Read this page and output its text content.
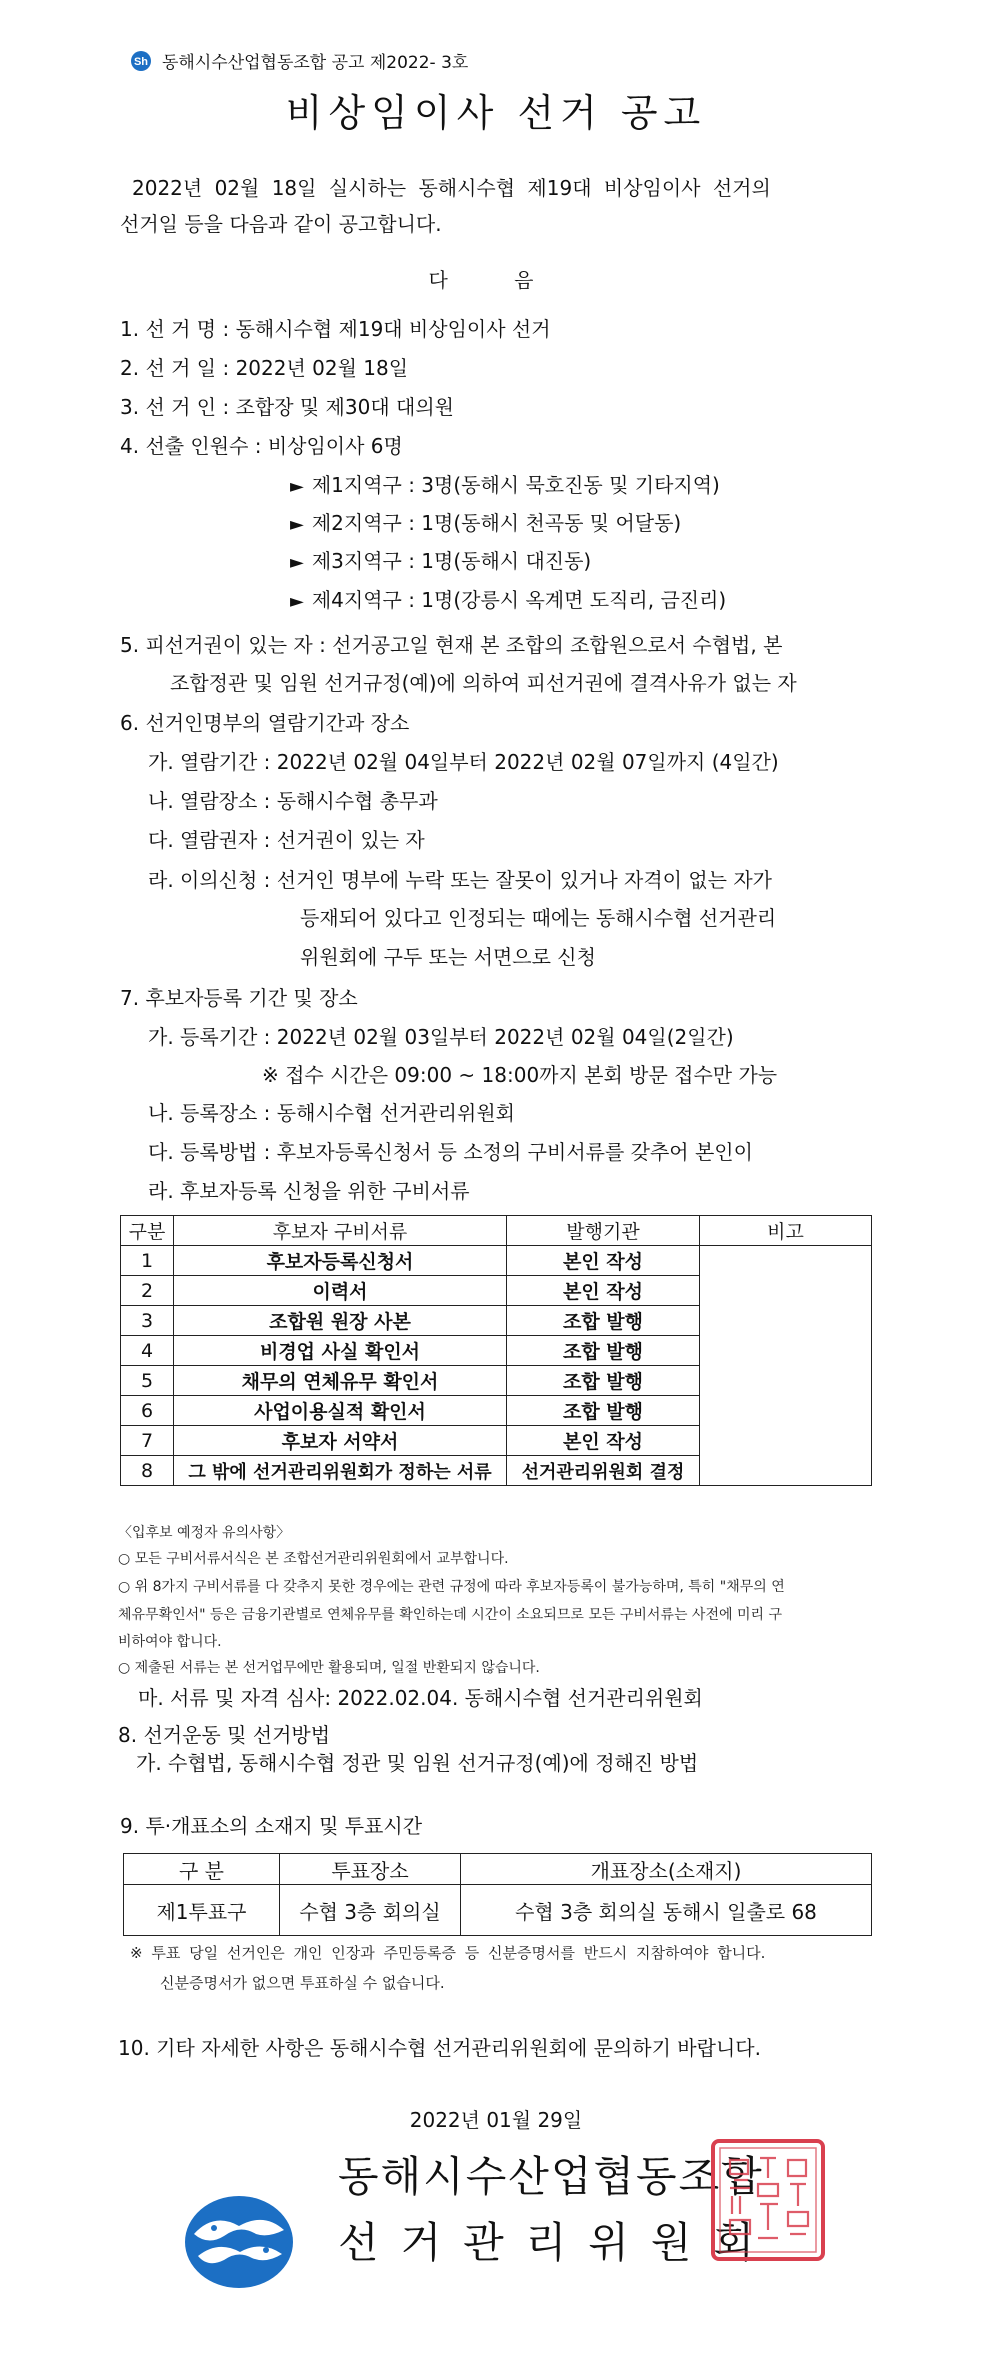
Sh 동해시수산업협동조합 공고 제2022- 3호
비상임이사 선거 공고
2022년 02월 18일 실시하는 동해시수협 제19대 비상임이사 선거의
선거일 등을 다음과 같이 공고합니다.
다 음
1. 선 거 명 : 동해시수협 제19대 비상임이사 선거
2. 선 거 일 : 2022년 02월 18일
3. 선 거 인 : 조합장 및 제30대 대의원
4. 선출 인원수 : 비상임이사 6명
► 제1지역구 : 3명(동해시 묵호진동 및 기타지역)
► 제2지역구 : 1명(동해시 천곡동 및 어달동)
► 제3지역구 : 1명(동해시 대진동)
► 제4지역구 : 1명(강릉시 옥계면 도직리, 금진리)
5. 피선거권이 있는 자 : 선거공고일 현재 본 조합의 조합원으로서 수협법, 본
조합정관 및 임원 선거규정(예)에 의하여 피선거권에 결격사유가 없는 자
6. 선거인명부의 열람기간과 장소
가. 열람기간 : 2022년 02월 04일부터 2022년 02월 07일까지 (4일간)
나. 열람장소 : 동해시수협 총무과
다. 열람권자 : 선거권이 있는 자
라. 이의신청 : 선거인 명부에 누락 또는 잘못이 있거나 자격이 없는 자가
등재되어 있다고 인정되는 때에는 동해시수협 선거관리
위원회에 구두 또는 서면으로 신청
7. 후보자등록 기간 및 장소
가. 등록기간 : 2022년 02월 03일부터 2022년 02월 04일(2일간)
※ 접수 시간은 09:00 ~ 18:00까지 본회 방문 접수만 가능
나. 등록장소 : 동해시수협 선거관리위원회
다. 등록방법 : 후보자등록신청서 등 소정의 구비서류를 갖추어 본인이
라. 후보자등록 신청을 위한 구비서류
구분	후보자 구비서류	발행기관	비고
1	후보자등록신청서	본인 작성	
2	이력서	본인 작성	
3	조합원 원장 사본	조합 발행	
4	비경업 사실 확인서	조합 발행	
5	채무의 연체유무 확인서	조합 발행	
6	사업이용실적 확인서	조합 발행	
7	후보자 서약서	본인 작성	
8	그 밖에 선거관리위원회가 정하는 서류	선거관리위원회 결정	
〈입후보 예정자 유의사항〉
○ 모든 구비서류서식은 본 조합선거관리위원회에서 교부합니다.
○ 위 8가지 구비서류를 다 갖추지 못한 경우에는 관련 규정에 따라 후보자등록이 불가능하며, 특히 "채무의 연
체유무확인서" 등은 금융기관별로 연체유무를 확인하는데 시간이 소요되므로 모든 구비서류는 사전에 미리 구
비하여야 합니다.
○ 제출된 서류는 본 선거업무에만 활용되며, 일절 반환되지 않습니다.
마. 서류 및 자격 심사: 2022.02.04. 동해시수협 선거관리위원회
8. 선거운동 및 선거방법
가. 수협법, 동해시수협 정관 및 임원 선거규정(예)에 정해진 방법
9. 투·개표소의 소재지 및 투표시간
구 분	투표장소	개표장소(소재지)
제1투표구	수협 3층 회의실	수협 3층 회의실 동해시 일출로 68
※ 투표 당일 선거인은 개인 인장과 주민등록증 등 신분증명서를 반드시 지참하여야 합니다.
신분증명서가 없으면 투표하실 수 없습니다.
10. 기타 자세한 사항은 동해시수협 선거관리위원회에 문의하기 바랍니다.
2022년 01월 29일
동해시수산업협동조합
선거관리위원회
